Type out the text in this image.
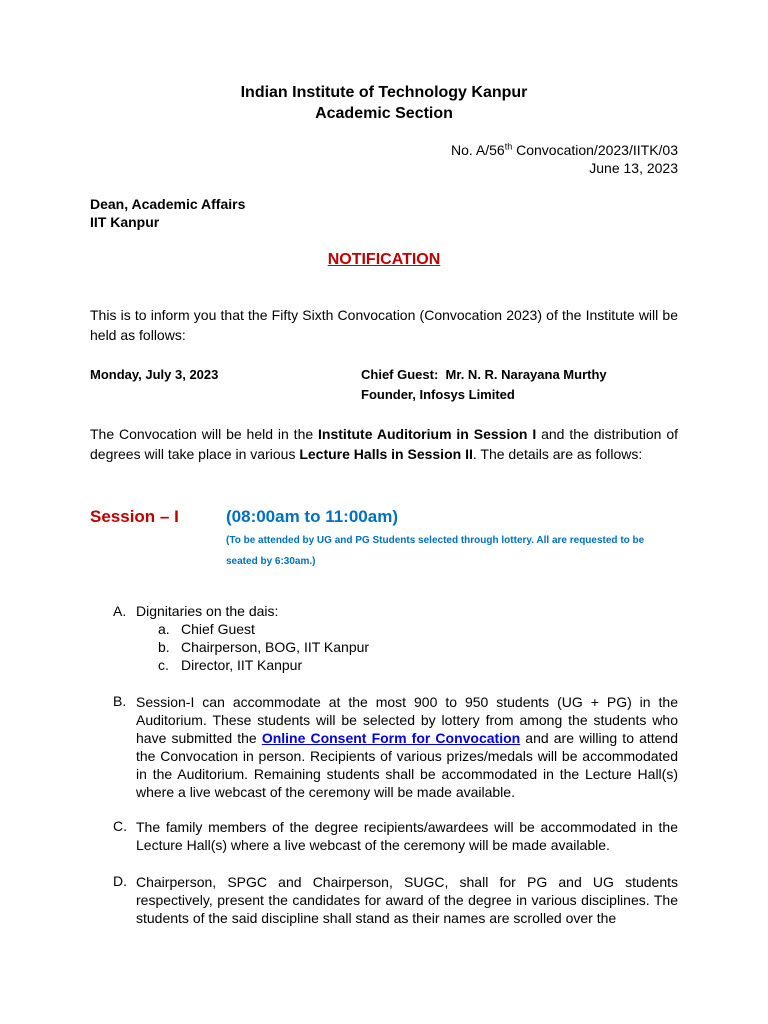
Indian Institute of Technology Kanpur
Academic Section
No. A/56th Convocation/2023/IITK/03
June 13, 2023
Dean, Academic Affairs
IIT Kanpur
NOTIFICATION
This is to inform you that the Fifty Sixth Convocation (Convocation 2023) of the Institute will be held as follows:
Monday, July 3, 2023	Chief Guest: Mr. N. R. Narayana Murthy
Founder, Infosys Limited
The Convocation will be held in the Institute Auditorium in Session I and the distribution of degrees will take place in various Lecture Halls in Session II. The details are as follows:
Session – I	(08:00am to 11:00am)
(To be attended by UG and PG Students selected through lottery. All are requested to be seated by 6:30am.)
A. Dignitaries on the dais:
a. Chief Guest
b. Chairperson, BOG, IIT Kanpur
c. Director, IIT Kanpur
B. Session-I can accommodate at the most 900 to 950 students (UG + PG) in the Auditorium. These students will be selected by lottery from among the students who have submitted the Online Consent Form for Convocation and are willing to attend the Convocation in person. Recipients of various prizes/medals will be accommodated in the Auditorium. Remaining students shall be accommodated in the Lecture Hall(s) where a live webcast of the ceremony will be made available.
C. The family members of the degree recipients/awardees will be accommodated in the Lecture Hall(s) where a live webcast of the ceremony will be made available.
D. Chairperson, SPGC and Chairperson, SUGC, shall for PG and UG students respectively, present the candidates for award of the degree in various disciplines. The students of the said discipline shall stand as their names are scrolled over the
